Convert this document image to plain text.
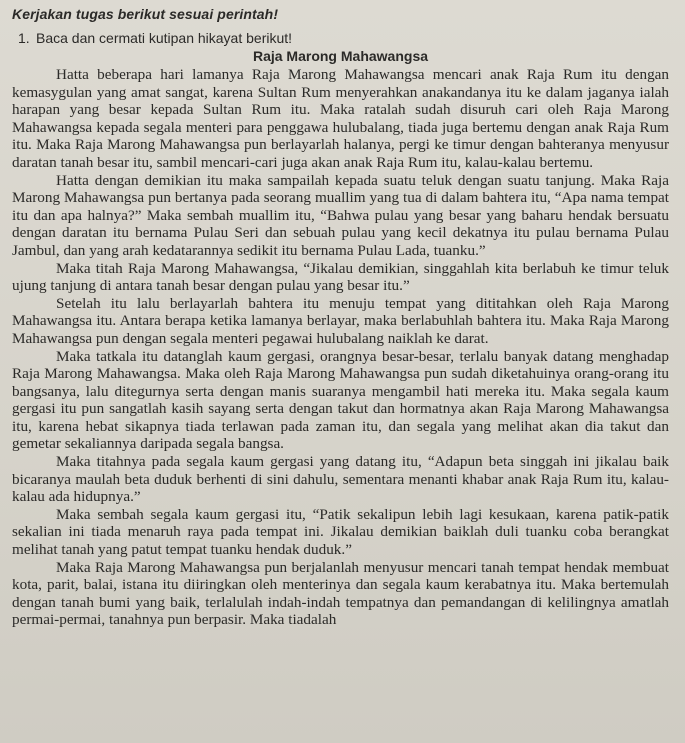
Kerjakan tugas berikut sesuai perintah!

1. Baca dan cermati kutipan hikayat berikut!

Raja Marong Mahawangsa

Hatta beberapa hari lamanya Raja Marong Mahawangsa mencari anak Raja Rum itu dengan kemasygulan yang amat sangat, karena Sultan Rum menyerahkan anakandanya itu ke dalam jaganya ialah harapan yang besar kepada Sultan Rum itu. Maka ratalah sudah disuruh cari oleh Raja Marong Mahawangsa kepada segala menteri para penggawa hulubalang, tiada juga bertemu dengan anak Raja Rum itu. Maka Raja Marong Mahawangsa pun berlayarlah halanya, pergi ke timur dengan bahteranya menyusur daratan tanah besar itu, sambil mencari-cari juga akan anak Raja Rum itu, kalau-kalau bertemu.

Hatta dengan demikian itu maka sampailah kepada suatu teluk dengan suatu tanjung. Maka Raja Marong Mahawangsa pun bertanya pada seorang muallim yang tua di dalam bahtera itu, “Apa nama tempat itu dan apa halnya?” Maka sembah muallim itu, “Bahwa pulau yang besar yang baharu hendak bersuatu dengan daratan itu bernama Pulau Seri dan sebuah pulau yang kecil dekatnya itu pulau bernama Pulau Jambul, dan yang arah kedatarannya sedikit itu bernama Pulau Lada, tuanku.”

Maka titah Raja Marong Mahawangsa, “Jikalau demikian, singgahlah kita berlabuh ke timur teluk ujung tanjung di antara tanah besar dengan pulau yang besar itu.”

Setelah itu lalu berlayarlah bahtera itu menuju tempat yang dititahkan oleh Raja Marong Mahawangsa itu. Antara berapa ketika lamanya berlayar, maka berlabuhlah bahtera itu. Maka Raja Marong Mahawangsa pun dengan segala menteri pegawai hulubalang naiklah ke darat.

Maka tatkala itu datanglah kaum gergasi, orangnya besar-besar, terlalu banyak datang menghadap Raja Marong Mahawangsa. Maka oleh Raja Marong Mahawangsa pun sudah diketahuinya orang-orang itu bangsanya, lalu ditegurnya serta dengan manis suaranya mengambil hati mereka itu. Maka segala kaum gergasi itu pun sangatlah kasih sayang serta dengan takut dan hormatnya akan Raja Marong Mahawangsa itu, karena hebat sikapnya tiada terlawan pada zaman itu, dan segala yang melihat akan dia takut dan gemetar sekaliannya daripada segala bangsa.

Maka titahnya pada segala kaum gergasi yang datang itu, “Adapun beta singgah ini jikalau baik bicaranya maulah beta duduk berhenti di sini dahulu, sementara menanti khabar anak Raja Rum itu, kalau-kalau ada hidupnya.”

Maka sembah segala kaum gergasi itu, “Patik sekalipun lebih lagi kesukaan, karena patik-patik sekalian ini tiada menaruh raya pada tempat ini. Jikalau demikian baiklah duli tuanku coba berangkat melihat tanah yang patut tempat tuanku hendak duduk.”

Maka Raja Marong Mahawangsa pun berjalanlah menyusur mencari tanah tempat hendak membuat kota, parit, balai, istana itu diiringkan oleh menterinya dan segala kaum kerabatnya itu. Maka bertemulah dengan tanah bumi yang baik, terlalulah indah-indah tempatnya dan pemandangan di kelilingnya amatlah permai-permai, tanahnya pun berpasir. Maka tiadalah
